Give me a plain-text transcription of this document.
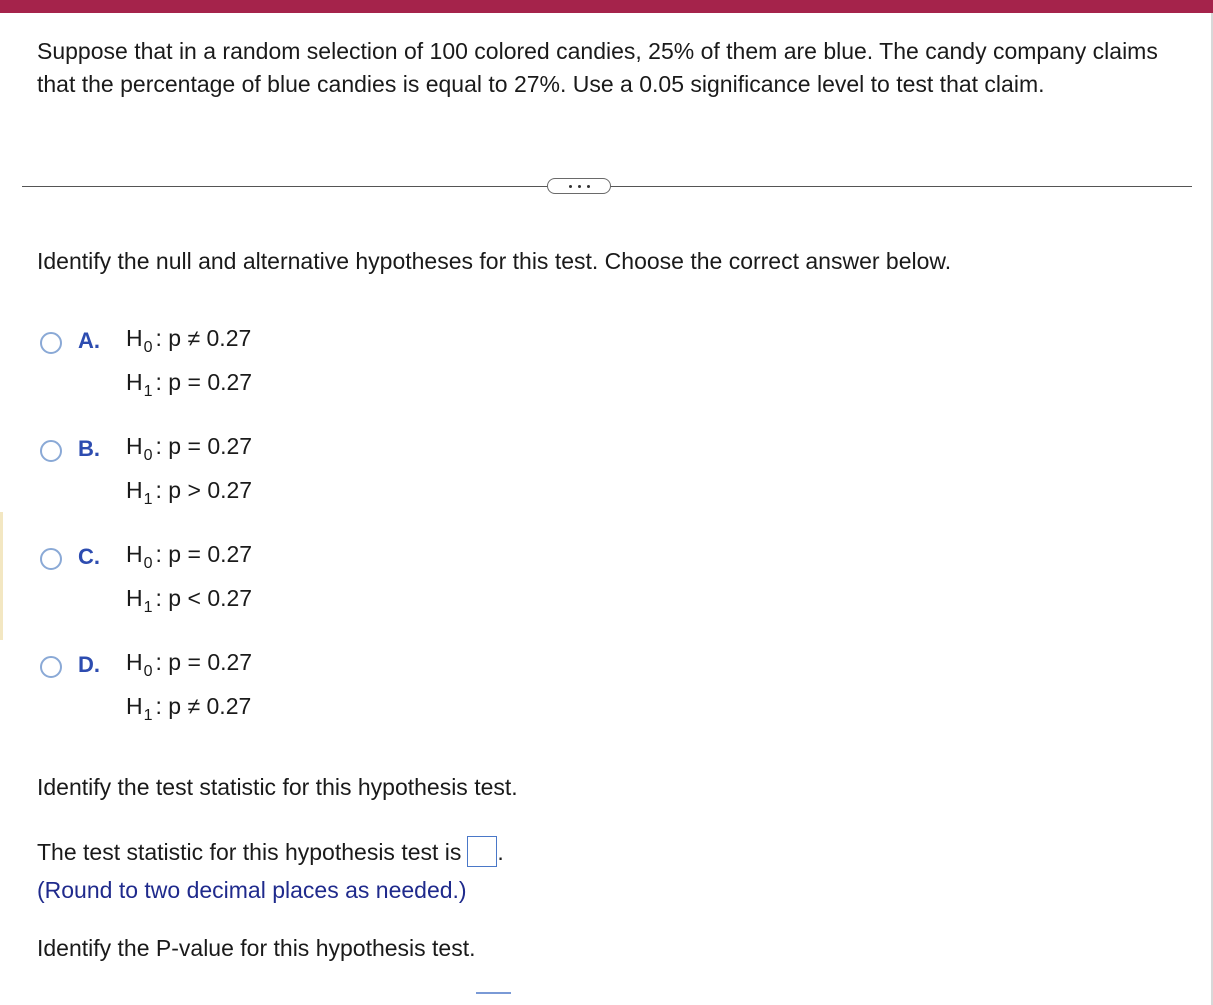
Suppose that in a random selection of 100 colored candies, 25% of them are blue. The candy company claims that the percentage of blue candies is equal to 27%. Use a 0.05 significance level to test that claim.
Identify the null and alternative hypotheses for this test. Choose the correct answer below.
A. $H_0$ : p ≠ 0.27
$H_1$ : p = 0.27
B. $H_0$ : p = 0.27
$H_1$ : p > 0.27
C. $H_0$ : p = 0.27
$H_1$ : p < 0.27
D. $H_0$ : p = 0.27
$H_1$ : p ≠ 0.27
Identify the test statistic for this hypothesis test.
The test statistic for this hypothesis test is .
(Round to two decimal places as needed.)
Identify the P-value for this hypothesis test.
